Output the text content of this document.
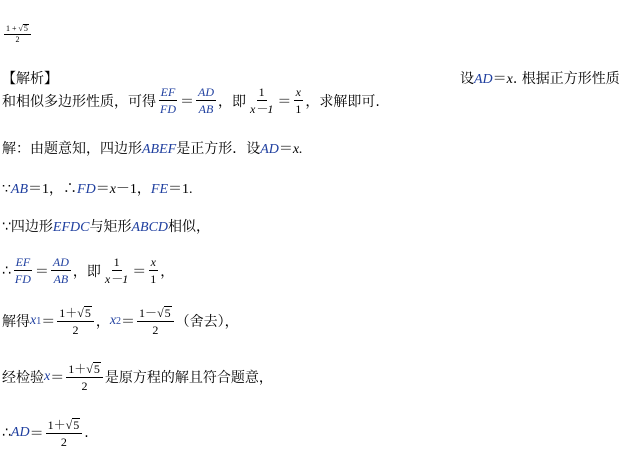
$\frac{1 + √ 5}{2}$
【解析】	设AD＝x. 根据正方形性质
和相似多边形性质，可得 $\frac{EF}{FD} = \frac{AD}{AB}$ ，即 $\frac{1}{x-1} = \frac{x}{1}$ ，求解即可.
解：由题意知，四边形ABEF是正方形．设AD＝x.
∵AB＝1，∴FD＝x－1，FE＝1.
∵四边形EFDC与矩形ABCD相似，
∴ $\frac{EF}{FD} = \frac{AD}{AB}$ ，即 $\frac{1}{x-1} = \frac{x}{1}$ ，
解得 x $1 = \frac{1+ √ 5}{2}$ ， x $2 = \frac{1- √ 5}{2}$ （舍去），
经检验 $x = \frac{1+ √ 5}{2}$ 是原方程的解且符合题意，
∴ AD ＝ $\frac{1+ √ 5}{2}$ .
